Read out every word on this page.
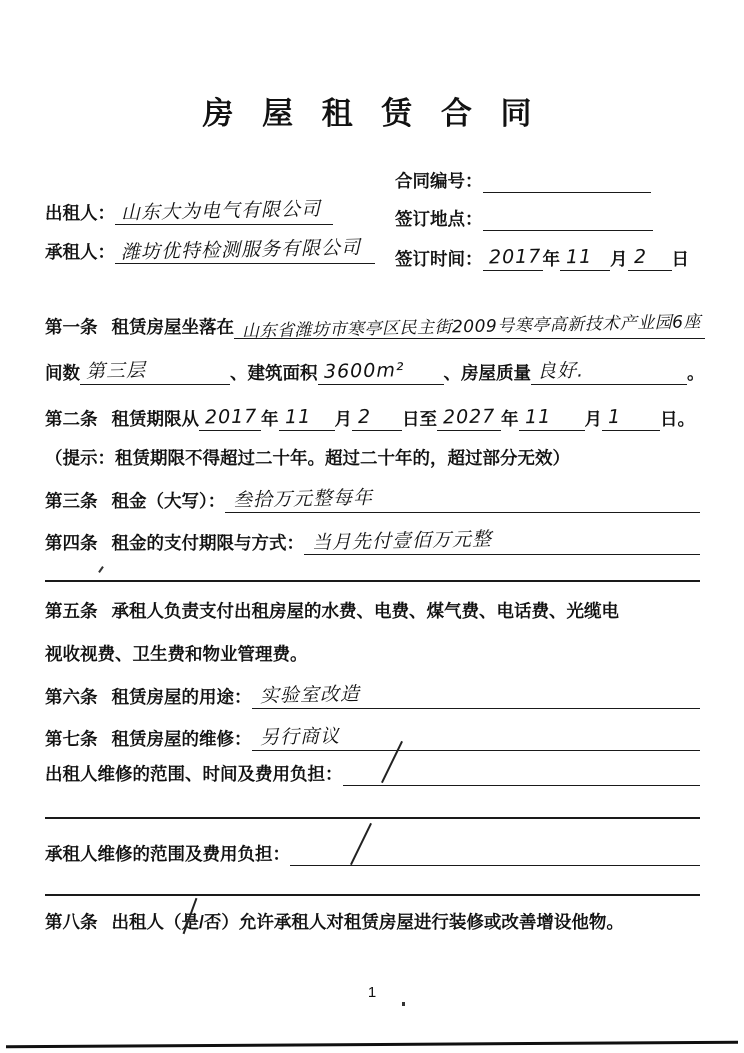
房 屋 租 赁 合 同
合同编号：

签订地点：

签订时间： 2017 年 11	月 2	日
出租人： 山东大为电气有限公司
承租人： 潍坊优特检测服务有限公司
第一条 租赁房屋坐落在 山东省潍坊市寒亭区民主街2009号寒亭高新技术产业园6座
间数 第三层	、建筑面积 3600m²	、房屋质量 良好.	。
第二条 租赁期限从 2017 年 11	月 2	日至 2027 年 11	月 1	日。
（提示：租赁期限不得超过二十年。超过二十年的，超过部分无效）
第三条 租金（大写）： 叁拾万元整每年
第四条 租金的支付期限与方式： 当月先付壹佰万元整
第五条 承租人负责支付出租房屋的水费、电费、煤气费、电话费、光缆电
视收视费、卫生费和物业管理费。
第六条 租赁房屋的用途： 实验室改造
第七条 租赁房屋的维修： 另行商议
出租人维修的范围、时间及费用负担：

承租人维修的范围及费用负担：

第八条 出租人（ 是 /否） 允许承租人对租赁房屋进行装修或改善增设他物。
1
